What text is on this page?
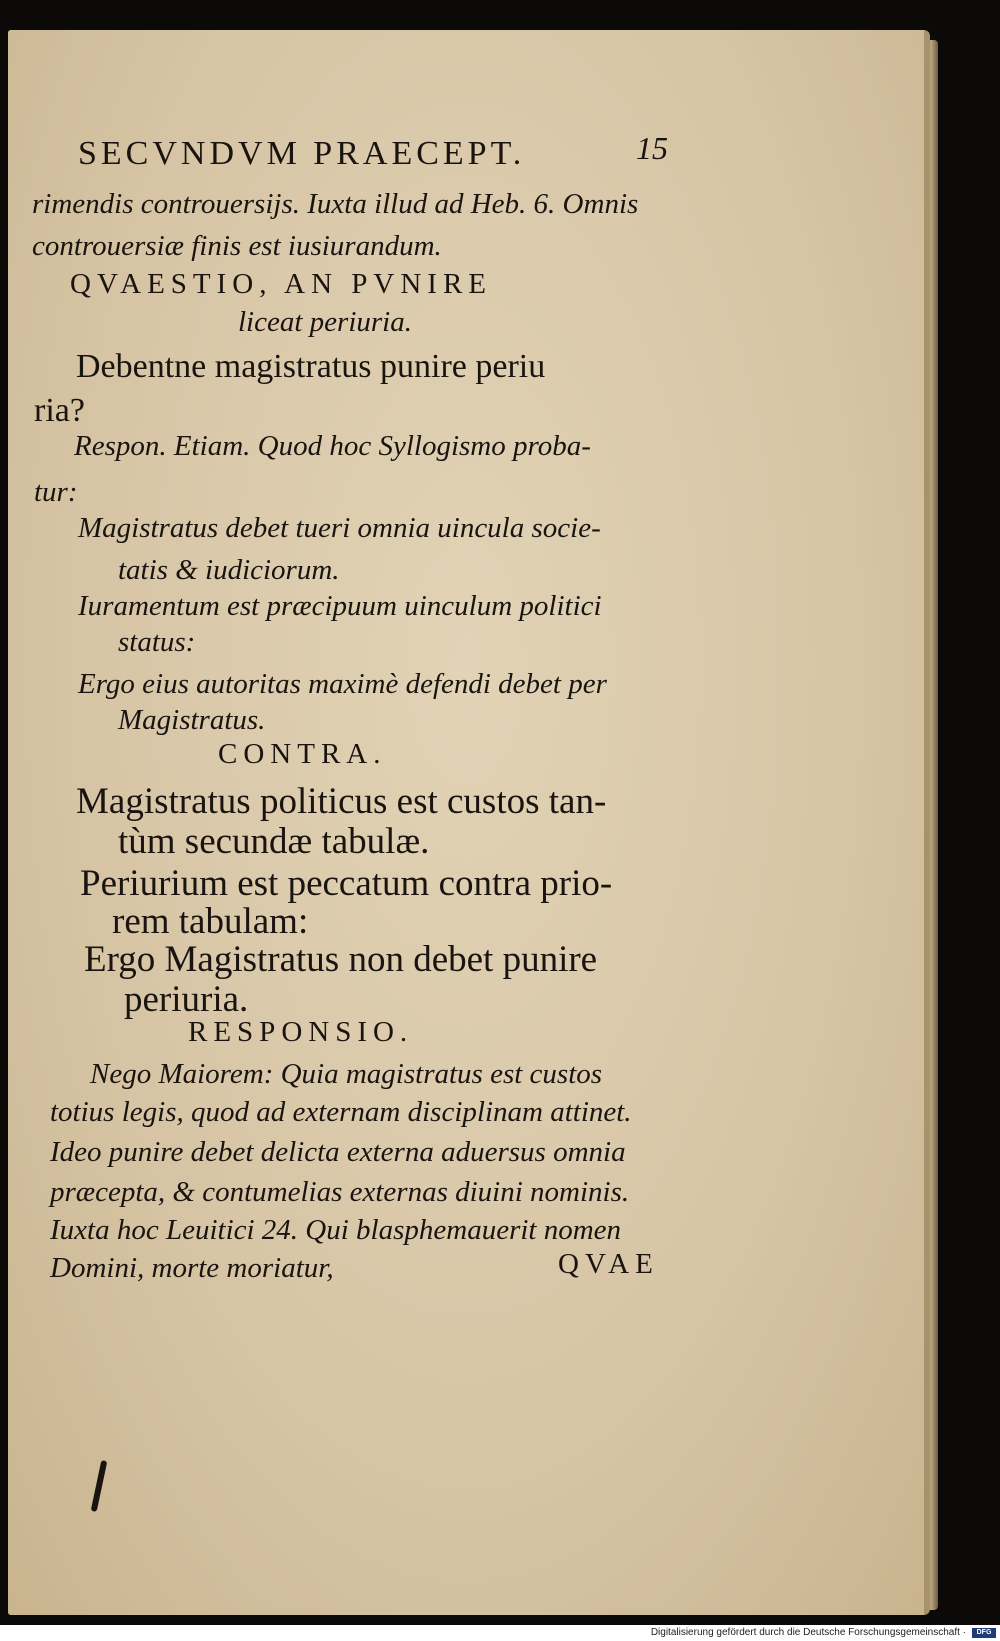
SECVNDVM PRAECEPT.	15
rimendis controuersijs. Iuxta illud ad Heb. 6. Omnis
controuersiæ finis est iusiurandum.
QVAESTIO, AN PVNIRE
liceat periuria.
Debentne magistratus punire periu
ria?
Respon. Etiam. Quod hoc Syllogismo proba-
tur:
Magistratus debet tueri omnia uincula socie-
tatis & iudiciorum.
Iuramentum est præcipuum uinculum politici
status:
Ergo eius autoritas maximè defendi debet per
Magistratus.
CONTRA.
Magistratus politicus est custos tan-
tùm secundæ tabulæ.
Periurium est peccatum contra prio-
rem tabulam:
Ergo Magistratus non debet punire
periuria.
RESPONSIO.
Nego Maiorem: Quia magistratus est custos
totius legis, quod ad externam disciplinam attinet.
Ideo punire debet delicta externa aduersus omnia
præcepta, & contumelias externas diuini nominis.
Iuxta hoc Leuitici 24. Qui blasphemauerit nomen
Domini, morte moriatur,	QVAE
Digitalisierung gefördert durch die Deutsche Forschungsgemeinschaft ·	DFG
